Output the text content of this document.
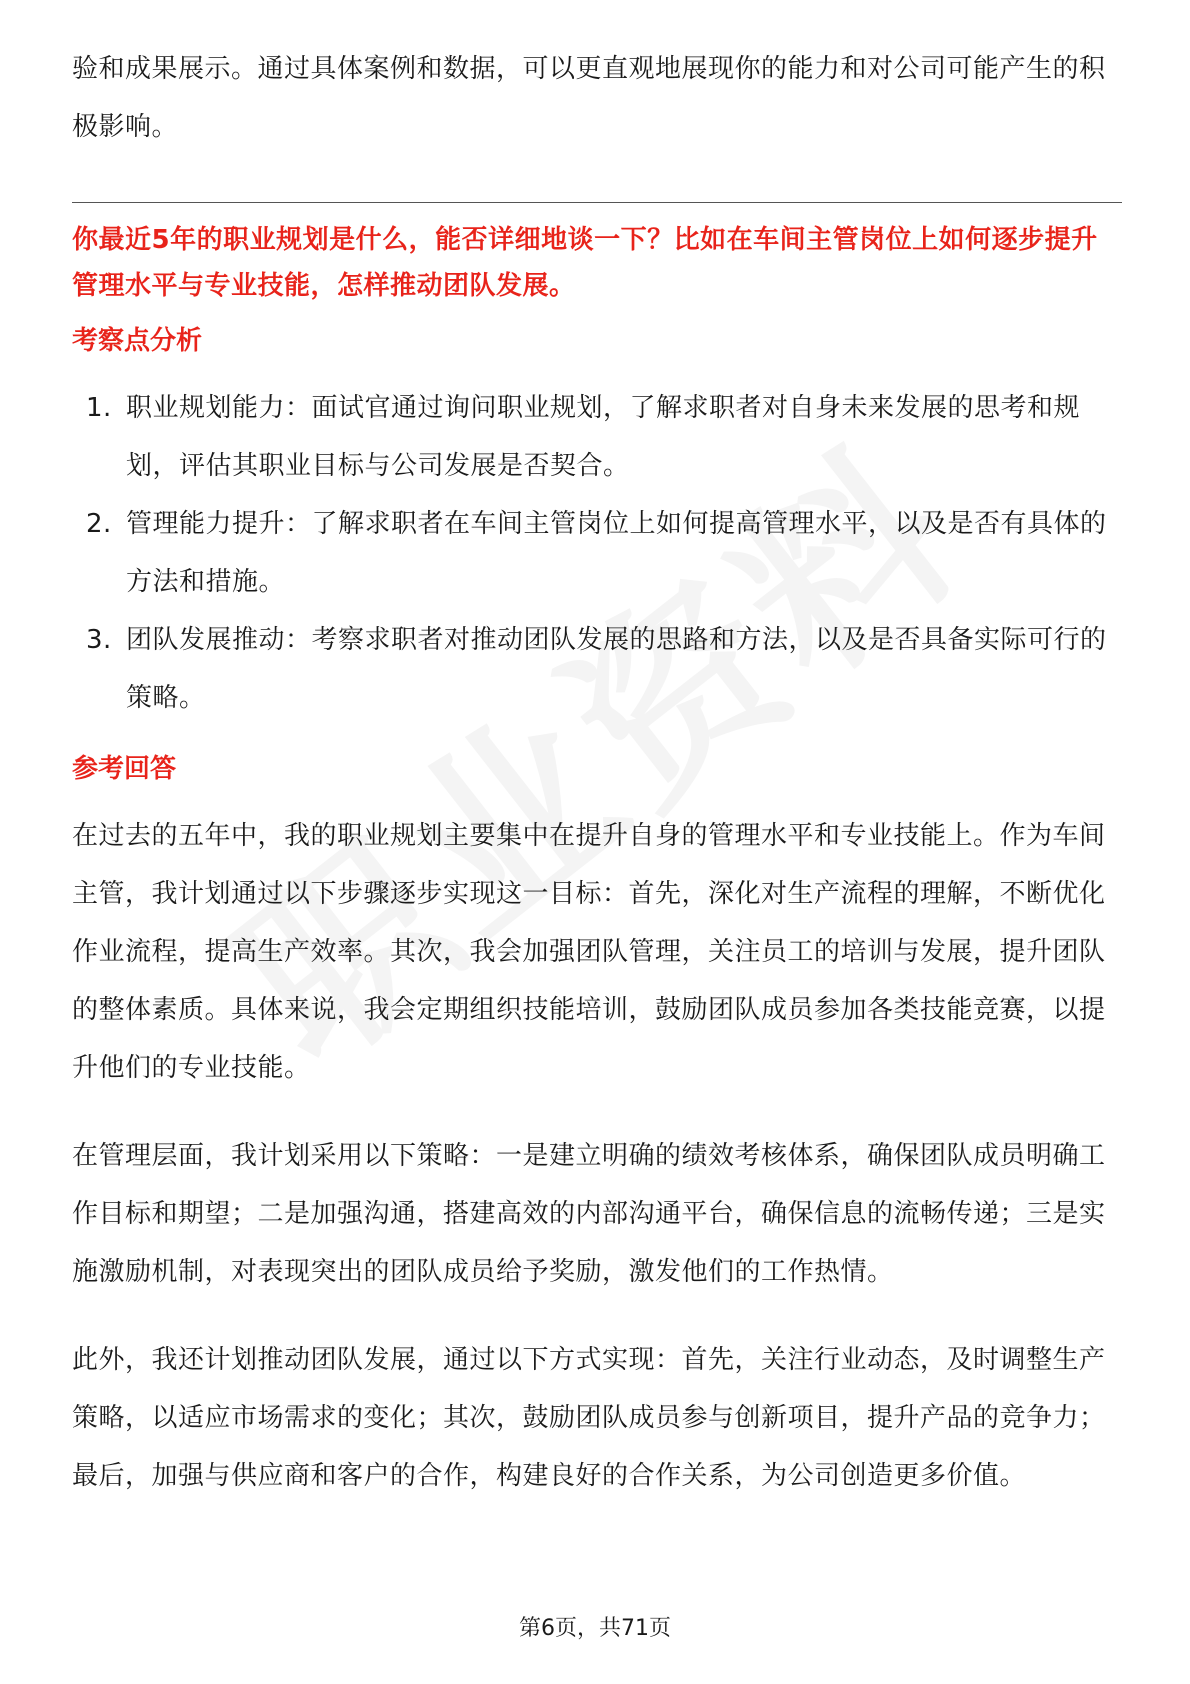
验和成果展示。通过具体案例和数据，可以更直观地展现你的能力和对公司可能产生的积极影响。

你最近5年的职业规划是什么，能否详细地谈一下？比如在车间主管岗位上如何逐步提升管理水平与专业技能，怎样推动团队发展。

考察点分析
1. 职业规划能力：面试官通过询问职业规划，了解求职者对自身未来发展的思考和规划，评估其职业目标与公司发展是否契合。
2. 管理能力提升：了解求职者在车间主管岗位上如何提高管理水平，以及是否有具体的方法和措施。
3. 团队发展推动：考察求职者对推动团队发展的思路和方法，以及是否具备实际可行的策略。
参考回答

在过去的五年中，我的职业规划主要集中在提升自身的管理水平和专业技能上。作为车间主管，我计划通过以下步骤逐步实现这一目标：首先，深化对生产流程的理解，不断优化作业流程，提高生产效率。其次，我会加强团队管理，关注员工的培训与发展，提升团队的整体素质。具体来说，我会定期组织技能培训，鼓励团队成员参加各类技能竞赛，以提升他们的专业技能。

在管理层面，我计划采用以下策略：一是建立明确的绩效考核体系，确保团队成员明确工作目标和期望；二是加强沟通，搭建高效的内部沟通平台，确保信息的流畅传递；三是实施激励机制，对表现突出的团队成员给予奖励，激发他们的工作热情。

此外，我还计划推动团队发展，通过以下方式实现：首先，关注行业动态，及时调整生产策略，以适应市场需求的变化；其次，鼓励团队成员参与创新项目，提升产品的竞争力；最后，加强与供应商和客户的合作，构建良好的合作关系，为公司创造更多价值。

第6页，共71页
